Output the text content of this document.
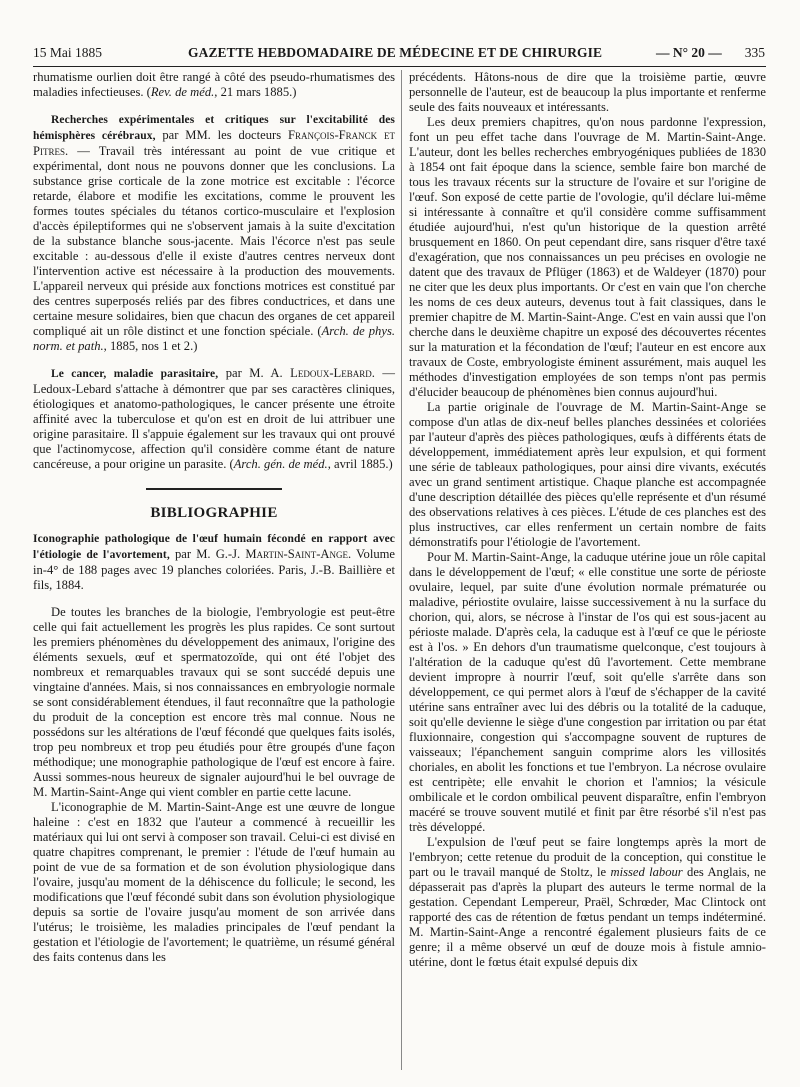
15 Mai 1885	GAZETTE HEBDOMADAIRE DE MÉDECINE ET DE CHIRURGIE	— N° 20 — 335

rhumatisme ourlien doit être rangé à côté des pseudo-rhumatismes des maladies infectieuses. (Rev. de méd., 21 mars 1885.)

Recherches expérimentales et critiques sur l'excitabilité des hémisphères cérébraux, par MM. les docteurs François-Franck et Pitres. — Travail très intéressant au point de vue critique et expérimental, dont nous ne pouvons donner que les conclusions. La substance grise corticale de la zone motrice est excitable : l'écorce retarde, élabore et modifie les excitations, comme le prouvent les formes toutes spéciales du tétanos cortico-musculaire et l'explosion d'accès épileptiformes qui ne s'observent jamais à la suite d'excitation de la substance blanche sous-jacente. Mais l'écorce n'est pas seule excitable : au-dessous d'elle il existe d'autres centres nerveux dont l'intervention active est nécessaire à la production des mouvements. L'appareil nerveux qui préside aux fonctions motrices est constitué par des centres superposés reliés par des fibres conductrices, et dans une certaine mesure solidaires, bien que chacun des organes de cet appareil compliqué ait un rôle distinct et une fonction spéciale. (Arch. de phys. norm. et path., 1885, nos 1 et 2.)

Le cancer, maladie parasitaire, par M. A. Ledoux-Lebard. — Ledoux-Lebard s'attache à démontrer que par ses caractères cliniques, étiologiques et anatomo-pathologiques, le cancer présente une étroite affinité avec la tuberculose et qu'on est en droit de lui attribuer une origine parasitaire. Il s'appuie également sur les travaux qui ont prouvé que l'actinomycose, affection qu'il considère comme étant de nature cancéreuse, a pour origine un parasite. (Arch. gén. de méd., avril 1885.)

BIBLIOGRAPHIE

Iconographie pathologique de l'œuf humain fécondé en rapport avec l'étiologie de l'avortement, par M. G.-J. Martin-Saint-Ange. Volume in-4° de 188 pages avec 19 planches coloriées. Paris, J.-B. Baillière et fils, 1884.

De toutes les branches de la biologie, l'embryologie est peut-être celle qui fait actuellement les progrès les plus rapides. Ce sont surtout les premiers phénomènes du développement des animaux, l'origine des éléments sexuels, œuf et spermatozoïde, qui ont été l'objet des nombreux et remarquables travaux qui se sont succédé depuis une vingtaine d'années. Mais, si nos connaissances en embryologie normale se sont considérablement étendues, il faut reconnaître que la pathologie du produit de la conception est encore très mal connue. Nous ne possédons sur les altérations de l'œuf fécondé que quelques faits isolés, trop peu nombreux et trop peu étudiés pour être groupés d'une façon méthodique; une monographie pathologique de l'œuf est encore à faire. Aussi sommes-nous heureux de signaler aujourd'hui le bel ouvrage de M. Martin-Saint-Ange qui vient combler en partie cette lacune.

L'iconographie de M. Martin-Saint-Ange est une œuvre de longue haleine : c'est en 1832 que l'auteur a commencé à recueillir les matériaux qui lui ont servi à composer son travail. Celui-ci est divisé en quatre chapitres comprenant, le premier : l'étude de l'œuf humain au point de vue de sa formation et de son évolution physiologique dans l'ovaire, jusqu'au moment de la déhiscence du follicule; le second, les modifications que l'œuf fécondé subit dans son évolution physiologique depuis sa sortie de l'ovaire jusqu'au moment de son arrivée dans l'utérus; le troisième, les maladies principales de l'œuf pendant la gestation et l'étiologie de l'avortement; le quatrième, un résumé général des faits contenus dans les

précédents. Hâtons-nous de dire que la troisième partie, œuvre personnelle de l'auteur, est de beaucoup la plus importante et renferme seule des faits nouveaux et intéressants.

Les deux premiers chapitres, qu'on nous pardonne l'expression, font un peu effet tache dans l'ouvrage de M. Martin-Saint-Ange. L'auteur, dont les belles recherches embryogéniques publiées de 1830 à 1854 ont fait époque dans la science, semble faire bon marché de tous les travaux récents sur la structure de l'ovaire et sur l'origine de l'œuf. Son exposé de cette partie de l'ovologie, qu'il déclare lui-même si intéressante à connaître et qu'il considère comme suffisamment étudiée aujourd'hui, n'est qu'un historique de la question arrêté brusquement en 1860. On peut cependant dire, sans risquer d'être taxé d'exagération, que nos connaissances un peu précises en ovologie ne datent que des travaux de Pflüger (1863) et de Waldeyer (1870) pour ne citer que les deux plus importants. Or c'est en vain que l'on cherche les noms de ces deux auteurs, devenus tout à fait classiques, dans le premier chapitre de M. Martin-Saint-Ange. C'est en vain aussi que l'on cherche dans le deuxième chapitre un exposé des découvertes récentes sur la maturation et la fécondation de l'œuf; l'auteur en est encore aux travaux de Coste, embryologiste éminent assurément, mais auquel les méthodes d'investigation employées de son temps n'ont pas permis d'élucider beaucoup de phénomènes bien connus aujourd'hui.

La partie originale de l'ouvrage de M. Martin-Saint-Ange se compose d'un atlas de dix-neuf belles planches dessinées et coloriées par l'auteur d'après des pièces pathologiques, œufs à différents états de développement, immédiatement après leur expulsion, et qui forment une série de tableaux pathologiques, pour ainsi dire vivants, exécutés avec un grand sentiment artistique. Chaque planche est accompagnée d'une description détaillée des pièces qu'elle représente et d'un résumé des observations relatives à ces pièces. L'étude de ces planches est des plus instructives, car elles renferment un certain nombre de faits démonstratifs pour l'étiologie de l'avortement.

Pour M. Martin-Saint-Ange, la caduque utérine joue un rôle capital dans le développement de l'œuf; « elle constitue une sorte de périoste ovulaire, lequel, par suite d'une évolution normale prématurée ou maladive, périostite ovulaire, laisse successivement à nu la surface du chorion, qui, alors, se nécrose à l'instar de l'os qui est sous-jacent au périoste malade. D'après cela, la caduque est à l'œuf ce que le périoste est à l'os. » En dehors d'un traumatisme quelconque, c'est toujours à l'altération de la caduque qu'est dû l'avortement. Cette membrane devient impropre à nourrir l'œuf, soit qu'elle s'arrête dans son développement, ce qui permet alors à l'œuf de s'échapper de la cavité utérine sans entraîner avec lui des débris ou la totalité de la caduque, soit qu'elle devienne le siège d'une congestion par irritation ou par état fluxionnaire, congestion qui s'accompagne souvent de ruptures de vaisseaux; l'épanchement sanguin comprime alors les villosités choriales, en abolit les fonctions et tue l'embryon. La nécrose ovulaire est centripète; elle envahit le chorion et l'amnios; la vésicule ombilicale et le cordon ombilical peuvent disparaître, enfin l'embryon macéré se trouve souvent mutilé et finit par être résorbé s'il n'est pas très développé.

L'expulsion de l'œuf peut se faire longtemps après la mort de l'embryon; cette retenue du produit de la conception, qui constitue le part ou le travail manqué de Stoltz, le missed labour des Anglais, ne dépasserait pas d'après la plupart des auteurs le terme normal de la gestation. Cependant Lempereur, Praël, Schrœder, Mac Clintock ont rapporté des cas de rétention de fœtus pendant un temps indéterminé. M. Martin-Saint-Ange a rencontré également plusieurs faits de ce genre; il a même observé un œuf de douze mois à fistule amnio-utérine, dont le fœtus était expulsé depuis dix
